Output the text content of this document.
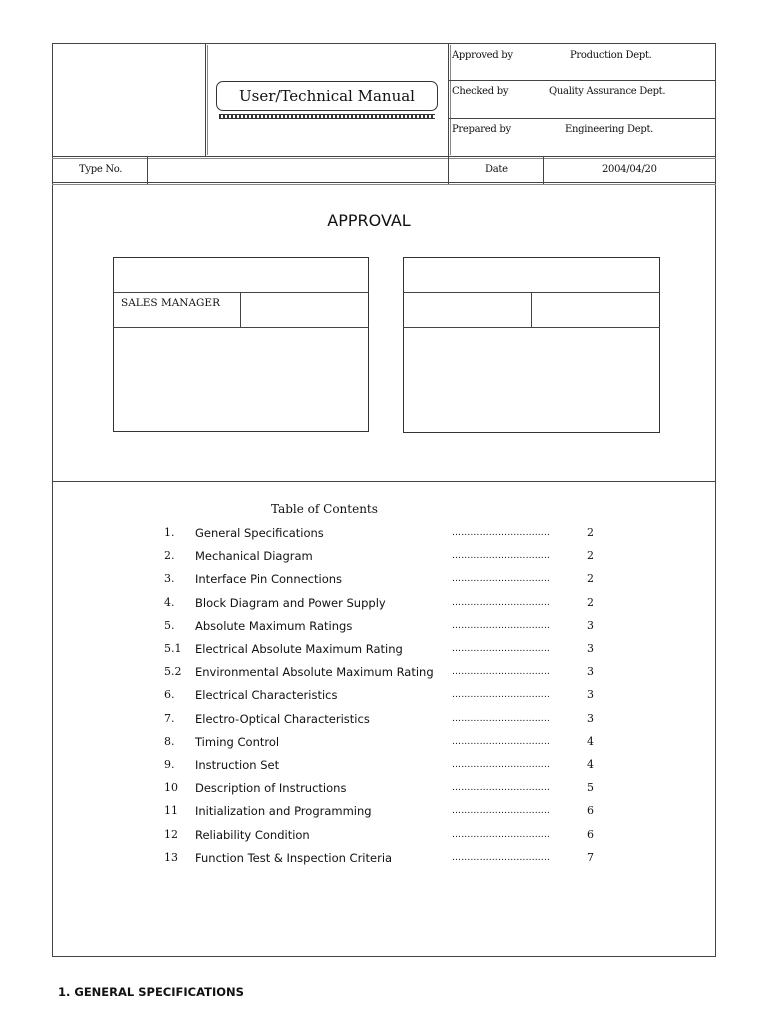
User/Technical Manual
Approved by	Production Dept.
Checked by	Quality Assurance Dept.
Prepared by	Engineering Dept.
Type No.	Date	2004/04/20
APPROVAL
SALES MANAGER
Table of Contents
1. General Specifications	…………………………..	2
2. Mechanical Diagram	…………………………..	2
3. Interface Pin Connections	…………………………..	2
4. Block Diagram and Power Supply	…………………………..	2
5. Absolute Maximum Ratings	…………………………..	3
5.1 Electrical Absolute Maximum Rating	…………………………..	3
5.2 Environmental Absolute Maximum Rating …………………………..	3
6. Electrical Characteristics	…………………………..	3
7. Electro-Optical Characteristics	…………………………..	3
8. Timing Control	…………………………..	4
9. Instruction Set	…………………………..	4
10 Description of Instructions	…………………………..	5
11 Initialization and Programming	…………………………..	6
12 Reliability Condition	…………………………..	6
13 Function Test & Inspection Criteria	…………………………..	7
1. GENERAL SPECIFICATIONS
